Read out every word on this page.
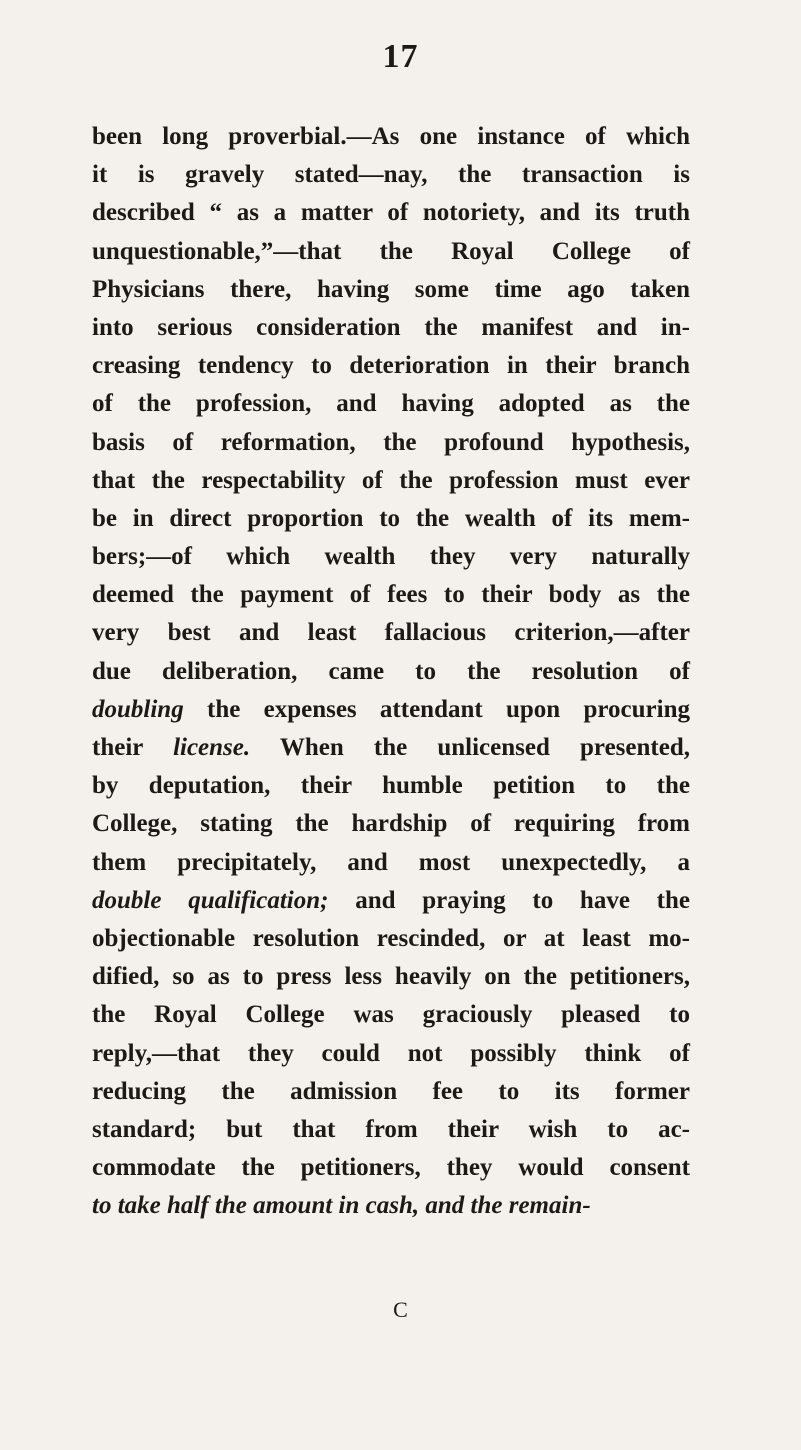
17
been long proverbial.—As one instance of which
it is gravely stated—nay, the transaction is
described “ as a matter of notoriety, and its truth
unquestionable,”—that the Royal College of
Physicians there, having some time ago taken
into serious consideration the manifest and in-
creasing tendency to deterioration in their branch
of the profession, and having adopted as the
basis of reformation, the profound hypothesis,
that the respectability of the profession must ever
be in direct proportion to the wealth of its mem-
bers;—of which wealth they very naturally
deemed the payment of fees to their body as the
very best and least fallacious criterion,—after
due deliberation, came to the resolution of
doubling the expenses attendant upon procuring
their license. When the unlicensed presented,
by deputation, their humble petition to the
College, stating the hardship of requiring from
them precipitately, and most unexpectedly, a
double qualification; and praying to have the
objectionable resolution rescinded, or at least mo-
dified, so as to press less heavily on the petitioners,
the Royal College was graciously pleased to
reply,—that they could not possibly think of
reducing the admission fee to its former
standard; but that from their wish to ac-
commodate the petitioners, they would consent
to take half the amount in cash, and the remain-
C
